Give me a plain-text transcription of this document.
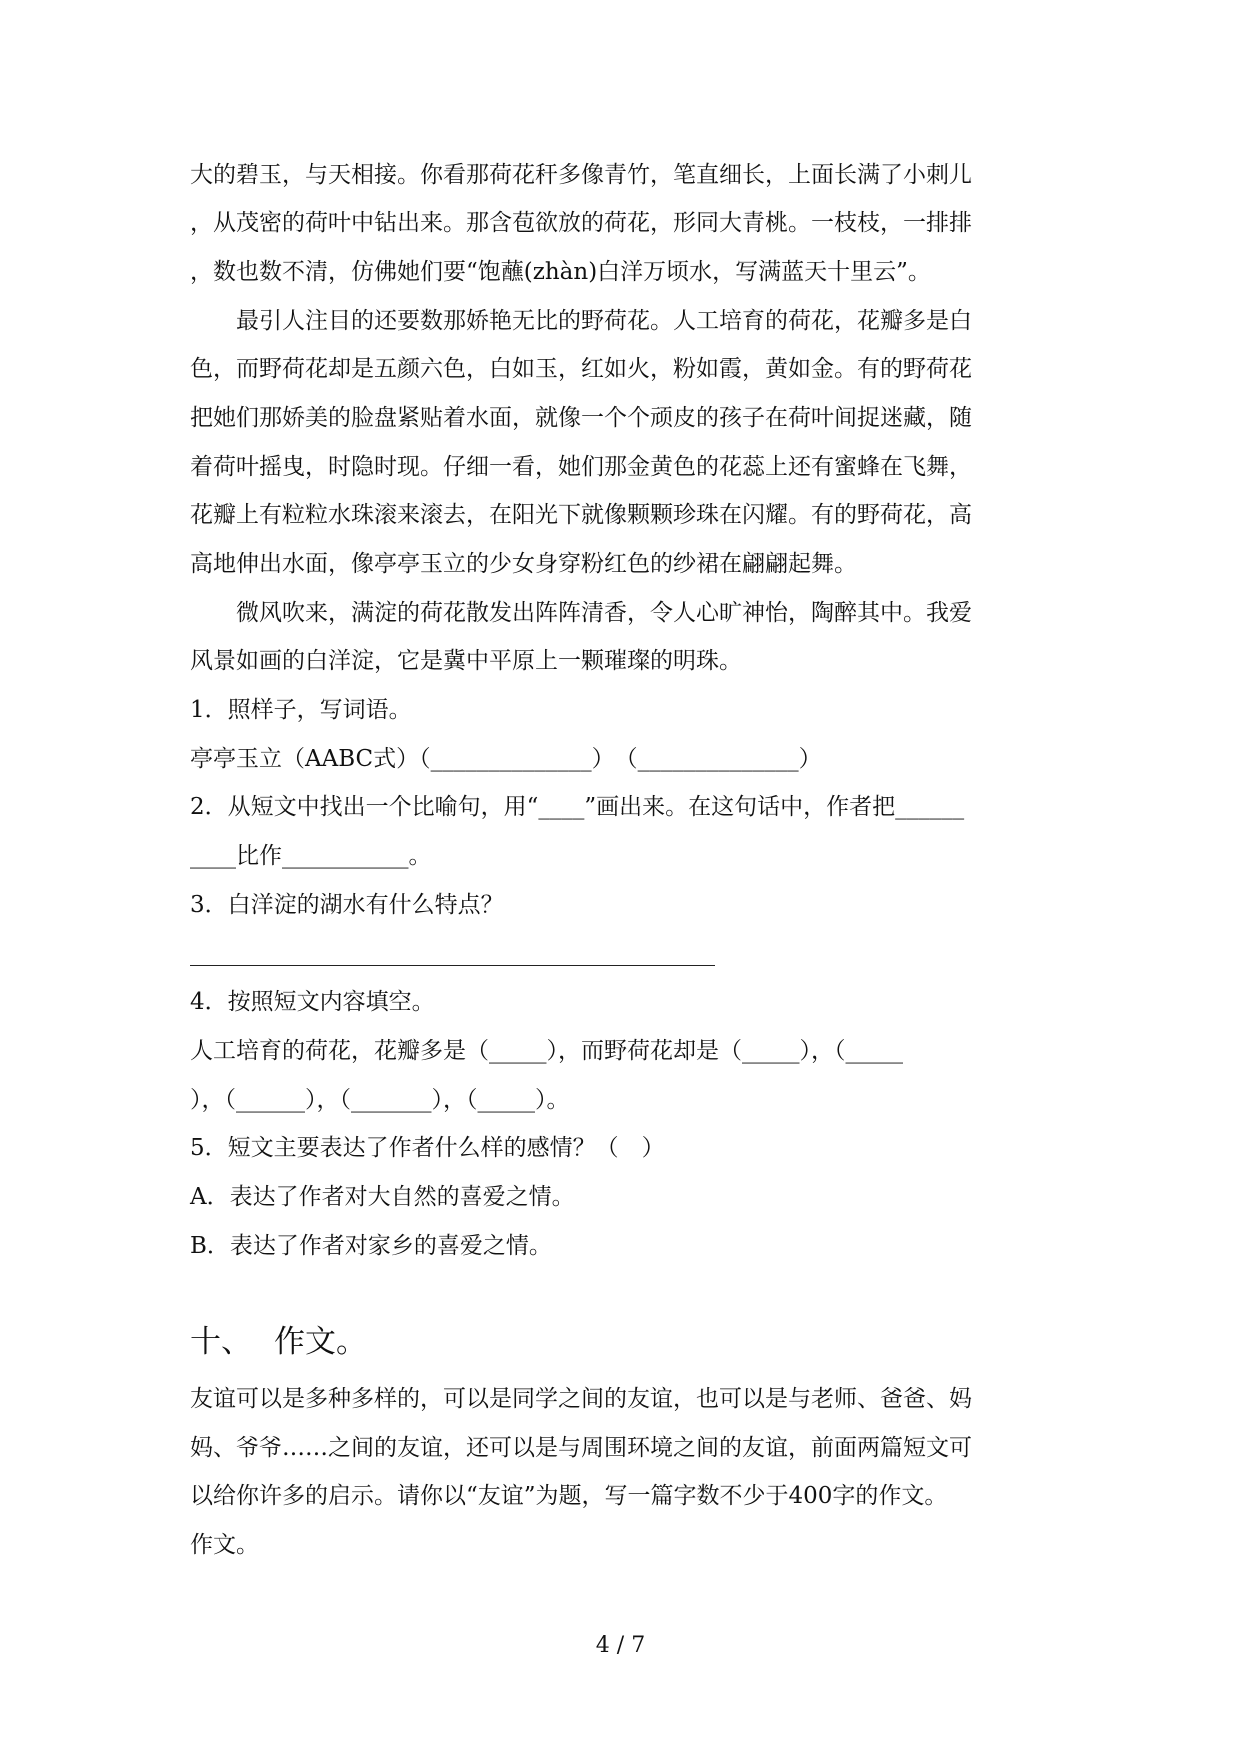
大的碧玉，与天相接。你看那荷花秆多像青竹，笔直细长，上面长满了小刺儿
，从茂密的荷叶中钻出来。那含苞欲放的荷花，形同大青桃。一枝枝，一排排
，数也数不清，仿佛她们要“饱蘸(zhàn)白洋万顷水，写满蓝天十里云”。
最引人注目的还要数那娇艳无比的野荷花。人工培育的荷花，花瓣多是白
色，而野荷花却是五颜六色，白如玉，红如火，粉如霞，黄如金。有的野荷花
把她们那娇美的脸盘紧贴着水面，就像一个个顽皮的孩子在荷叶间捉迷藏，随
着荷叶摇曳，时隐时现。仔细一看，她们那金黄色的花蕊上还有蜜蜂在飞舞，
花瓣上有粒粒水珠滚来滚去，在阳光下就像颗颗珍珠在闪耀。有的野荷花，高
高地伸出水面，像亭亭玉立的少女身穿粉红色的纱裙在翩翩起舞。
微风吹来，满淀的荷花散发出阵阵清香，令人心旷神怡，陶醉其中。我爱
风景如画的白洋淀，它是冀中平原上一颗璀璨的明珠。
1．照样子，写词语。
亭亭玉立（AABC式）（______________）　（______________）
2．从短文中找出一个比喻句，用“____”画出来。在这句话中，作者把______
____比作___________。
3．白洋淀的湖水有什么特点？
4．按照短文内容填空。
人工培育的荷花，花瓣多是（_____），而野荷花却是（_____），（_____
），（______），（_______），（_____）。
5．短文主要表达了作者什么样的感情？（　）
A．表达了作者对大自然的喜爱之情。
B．表达了作者对家乡的喜爱之情。
十、 作文。
友谊可以是多种多样的，可以是同学之间的友谊，也可以是与老师、爸爸、妈
妈、爷爷……之间的友谊，还可以是与周围环境之间的友谊，前面两篇短文可
以给你许多的启示。请你以“友谊”为题，写一篇字数不少于400字的作文。
作文。
4 / 7
